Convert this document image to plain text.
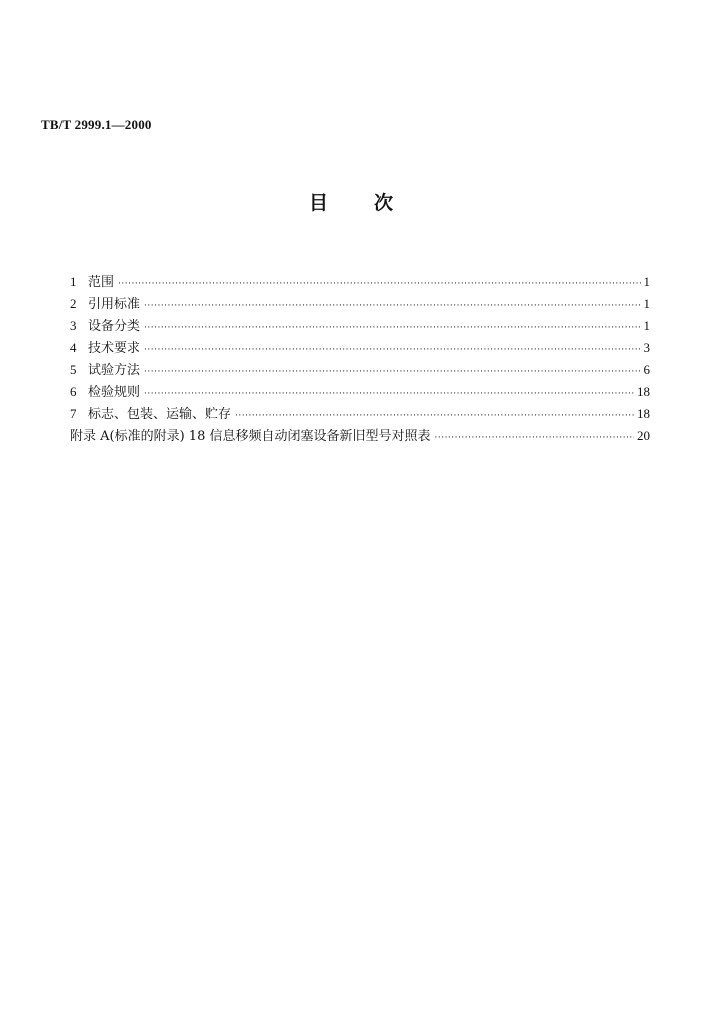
TB/T 2999.1—2000
目 次
1 范围 ·····	1
2 引用标准 ·····	1
3 设备分类 ·····	1
4 技术要求 ·····	3
5 试验方法 ·····	6
6 检验规则 ·····	18
7 标志、包装、运输、贮存 ·····	18
附录 A(标准的附录) 18 信息移频自动闭塞设备新旧型号对照表 ·····	20
